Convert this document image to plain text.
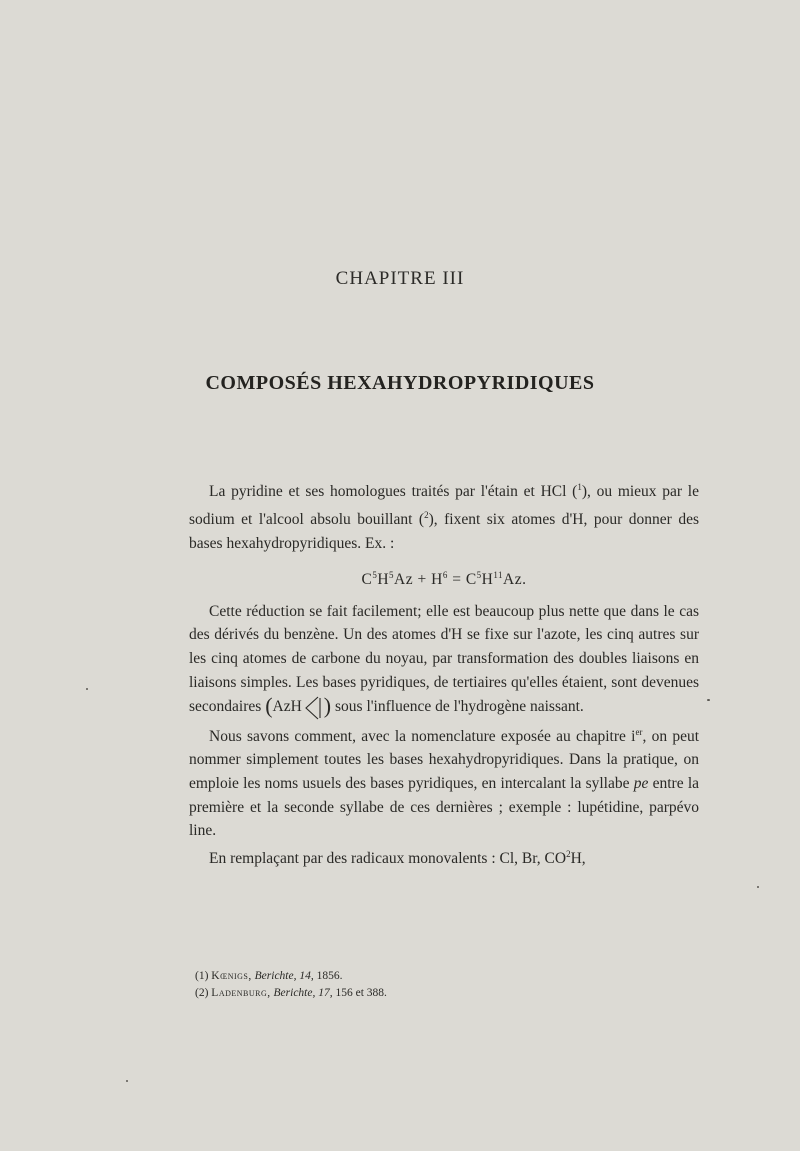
CHAPITRE III
COMPOSÉS HEXAHYDROPYRIDIQUES

La pyridine et ses homologues traités par l'étain et HCl ($^1$), ou mieux par le sodium et l'alcool absolu bouillant ($^2$), fixent six atomes d'H, pour donner des bases hexahydropyridiques. Ex. :

$C^5H^5Az + H^6 = C^5H^{11}Az$.

Cette réduction se fait facilement; elle est beaucoup plus nette que dans le cas des dérivés du benzène. Un des atomes d'H se fixe sur l'azote, les cinq autres sur les cinq atomes de carbone du noyau, par transformation des doubles liaisons en liaisons simples. Les bases pyridiques, de tertiaires qu'elles étaient, sont devenues secondaires (AzH ) sous l'influence de l'hydrogène naissant.

Nous savons comment, avec la nomenclature exposée au chapitre $i^{er}$, on peut nommer simplement toutes les bases hexahydropyridiques. Dans la pratique, on emploie les noms usuels des bases pyridiques, en intercalant la syllabe pe entre la première et la seconde syllabe de ces dernières ; exemple : lupétidine, parpévo line.

En remplaçant par des radicaux monovalents : Cl, Br, $CO^2H$,

(1) Kœnigs, Berichte, 14, 1856.

(2) Ladenburg, Berichte, 17, 156 et 388.
